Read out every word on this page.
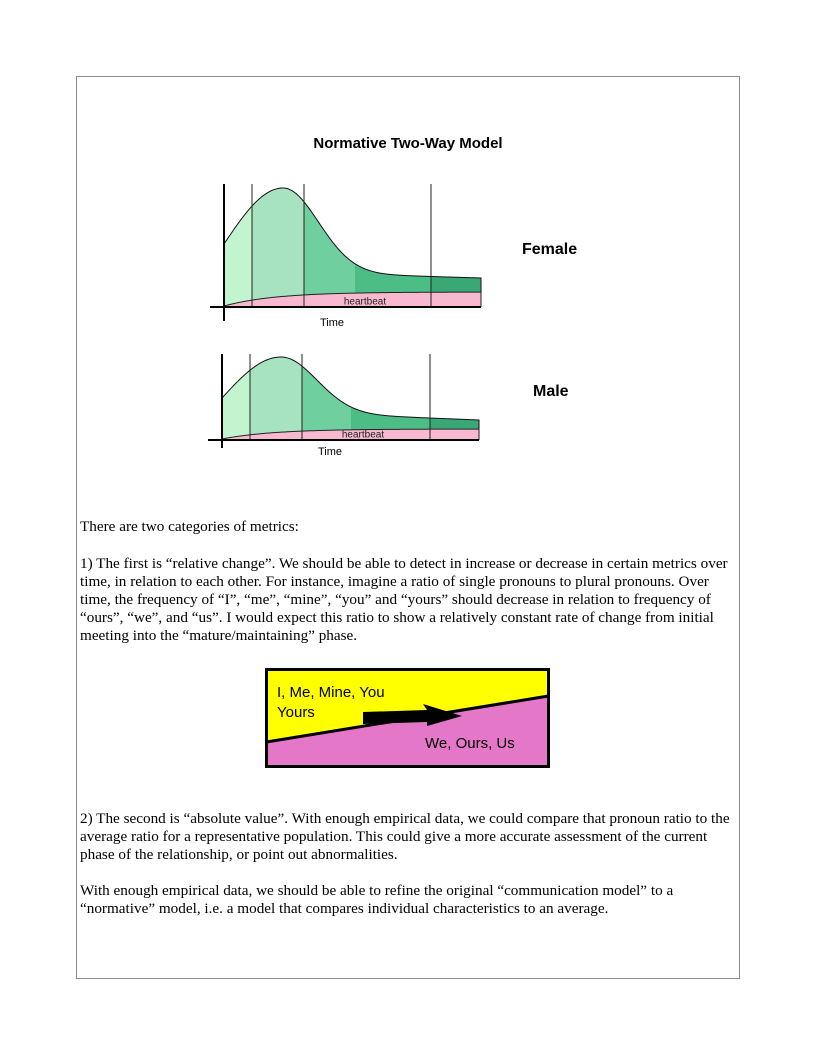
Normative Two-Way Model
heartbeat
Time
Female
heartbeat
Time
Male

There are two categories of metrics:

1) The first is “relative change”. We should be able to detect in increase or decrease in certain metrics over time, in relation to each other. For instance, imagine a ratio of single pronouns to plural pronouns. Over time, the frequency of “I”, “me”, “mine”, “you” and “yours” should decrease in relation to frequency of “ours”, “we”, and “us”. I would expect this ratio to show a relatively constant rate of change from initial meeting into the “mature/maintaining” phase.

I, Me, Mine, You
Yours
We, Ours, Us

2) The second is “absolute value”. With enough empirical data, we could compare that pronoun ratio to the average ratio for a representative population. This could give a more accurate assessment of the current phase of the relationship, or point out abnormalities.

With enough empirical data, we should be able to refine the original “communication model” to a “normative” model, i.e. a model that compares individual characteristics to an average.
